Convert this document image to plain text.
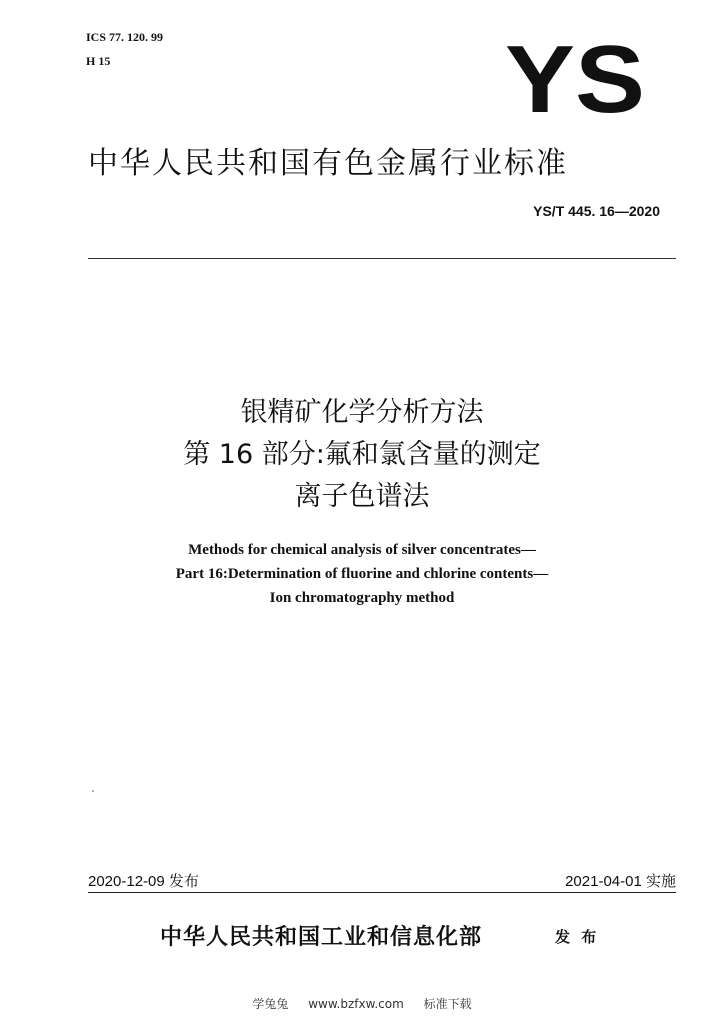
ICS 77. 120. 99
H 15	YS
中华人民共和国有色金属行业标准
YS/T 445. 16—2020
银精矿化学分析方法
第 16 部分:氟和氯含量的测定
离子色谱法
Methods for chemical analysis of silver concentrates—
Part 16:Determination of fluorine and chlorine contents—
Ion chromatography method
2020-12-09 发布	2021-04-01 实施
中华人民共和国工业和信息化部	发 布
学兔兔 www.bzfxw.com 标准下载
